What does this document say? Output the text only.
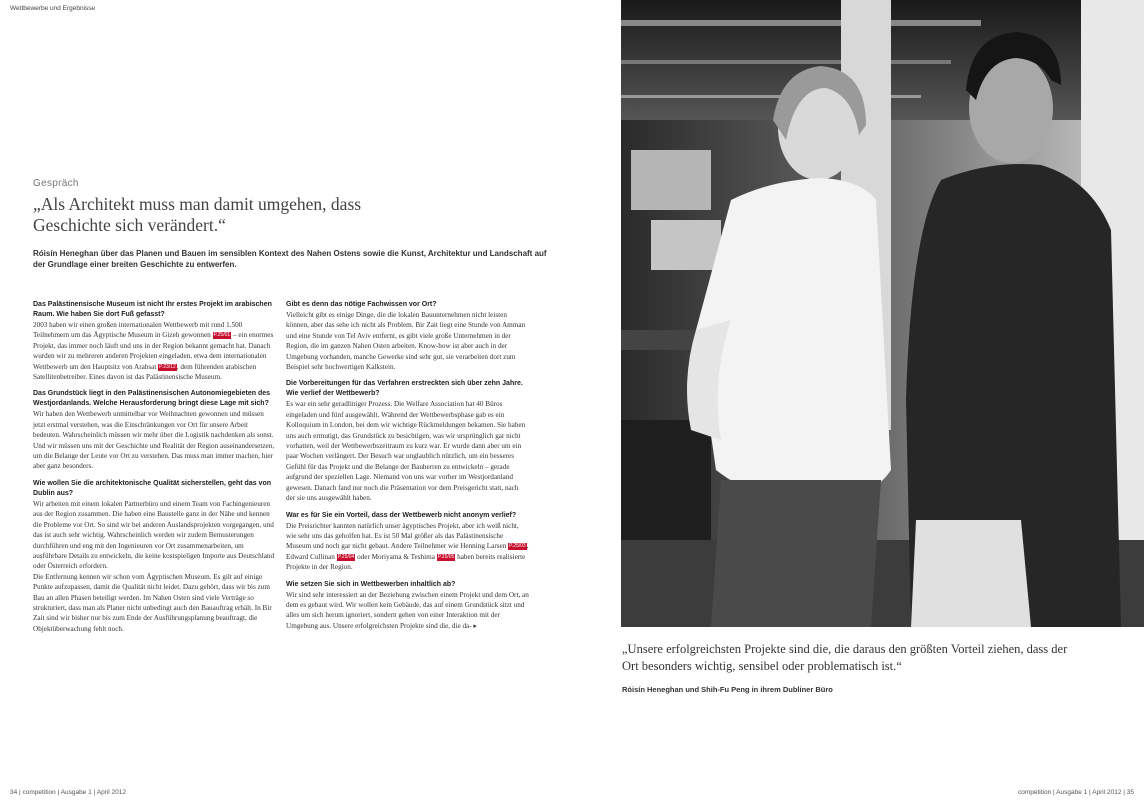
Wettbewerbe und Ergebnisse
Gespräch
„Als Architekt muss man damit umgehen, dass Geschichte sich verändert.“
Róisín Heneghan über das Planen und Bauen im sensiblen Kontext des Nahen Ostens sowie die Kunst, Architektur und Landschaft auf der Grundlage einer breiten Geschichte zu entwerfen.

Das Palästinensische Museum ist nicht Ihr erstes Projekt im arabischen Raum. Wie haben Sie dort Fuß gefasst?

2003 haben wir einen großen internationalen Wettbewerb mit rund 1.500 Teilnehmern um das Ägyptische Museum in Gizeh gewonnen P.25/01 – ein enormes Projekt, das immer noch läuft und uns in der Region bekannt gemacht hat. Danach wurden wir zu mehreren anderen Projekten eingeladen, etwa dem internationalen Wettbewerb um den Hauptsitz von Arabsat P.23/12, dem führenden arabischen Satellitenbetreiber. Eines davon ist das Palästinensische Museum.

Das Grundstück liegt in den Palästinensischen Autonomiegebieten des Westjordanlands. Welche Herausforderung bringt diese Lage mit sich?

Wir haben den Wettbewerb unmittelbar vor Weihnachten gewonnen und müssen jetzt erstmal verstehen, was die Einschränkungen vor Ort für unsere Arbeit bedeuten. Wahrscheinlich müssen wir mehr über die Logistik nachdenken als sonst. Und wir müssen uns mit der Geschichte und Realität der Region auseinandersetzen, um die Belange der Leute vor Ort zu verstehen. Das muss man immer machen, hier aber ganz besonders.

Wie wollen Sie die architektonische Qualität sicherstellen, geht das von Dublin aus?

Wir arbeiten mit einem lokalen Partnerbüro und einem Team von Fachingenieuren aus der Region zusammen. Die haben eine Baustelle ganz in der Nähe und kennen die Probleme vor Ort. So sind wir bei anderen Auslandsprojekten vorgegangen, und das ist auch sehr wichtig. Wahrscheinlich werden wir zudem Bemusterungen durchführen und eng mit den Ingenieuren vor Ort zusammenarbeiten, um ausführbare Details zu entwickeln, die keine kostspieligen Importe aus Deutschland oder Österreich erfordern.

Die Entfernung kennen wir schon vom Ägyptischen Museum. Es gilt auf einige Punkte aufzupassen, damit die Qualität nicht leidet. Dazu gehört, dass wir bis zum Bau an allen Phasen beteiligt werden. Im Nahen Osten sind viele Verträge so strukturiert, dass man als Planer nicht unbedingt auch den Bauauftrag erhält. In Bir Zait sind wir bisher nur bis zum Ende der Ausführungsplanung beauftragt, die Objektüberwachung fehlt noch.

Gibt es denn das nötige Fachwissen vor Ort?

Vielleicht gibt es einige Dinge, die die lokalen Bauunternehmen nicht leisten können, aber das sehe ich nicht als Problem. Bir Zait liegt eine Stunde von Amman und eine Stunde von Tel Aviv entfernt, es gibt viele große Unternehmen in der Region, die im ganzen Nahen Osten arbeiten. Know-how ist aber auch in der Umgebung vorhanden, manche Gewerke sind sehr gut, sie verarbeiten dort zum Beispiel sehr hochwertigen Kalkstein.

Die Vorbereitungen für das Verfahren erstreckten sich über zehn Jahre. Wie verlief der Wettbewerb?

Es war ein sehr geradliniger Prozess. Die Welfare Association hat 40 Büros eingeladen und fünf ausgewählt. Während der Wettbewerbsphase gab es ein Kolloquium in London, bei dem wir wichtige Rückmeldungen bekamen. Sie haben uns auch ermutigt, das Grundstück zu besichtigen, was wir ursprünglich gar nicht vorhatten, weil der Wettbewerbszeitraum zu kurz war. Er wurde dann aber um ein paar Wochen verlängert. Der Besuch war unglaublich nützlich, um ein besseres Gefühl für das Projekt und die Belange der Bauherren zu entwickeln – gerade aufgrund der speziellen Lage. Niemand von uns war vorher im Westjordanland gewesen. Danach fand nur noch die Präsentation vor dem Preisgericht statt, nach der sie uns ausgewählt haben.

War es für Sie ein Vorteil, dass der Wettbewerb nicht anonym verlief?

Die Preisrichter kannten natürlich unser ägyptisches Projekt, aber ich weiß nicht, wie sehr uns das geholfen hat. Es ist 50 Mal größer als das Palästinensische Museum und noch gar nicht gebaut. Andere Teilnehmer wie Henning Larsen P.25/03, Edward Cullinan P.25/04 oder Moriyama & Teshima P.25/05 haben bereits realisierte Projekte in der Region.

Wie setzen Sie sich in Wettbewerben inhaltlich ab?

Wir sind sehr interessiert an der Beziehung zwischen einem Projekt und dem Ort, an dem es gebaut wird. Wir wollen kein Gebäude, das auf einem Grundstück sitzt und alles um sich herum ignoriert, sondern gehen von einer Interaktion mit der Umgebung aus. Unsere erfolgreichsten Projekte sind die, die da- ▸

„Unsere erfolgreichsten Projekte sind die, die daraus den größten Vorteil ziehen, dass der Ort besonders wichtig, sensibel oder problematisch ist.“
Róisín Heneghan und Shih-Fu Peng in ihrem Dubliner Büro
34 | competition | Ausgabe 1 | April 2012	competition | Ausgabe 1 | April 2012 | 35
